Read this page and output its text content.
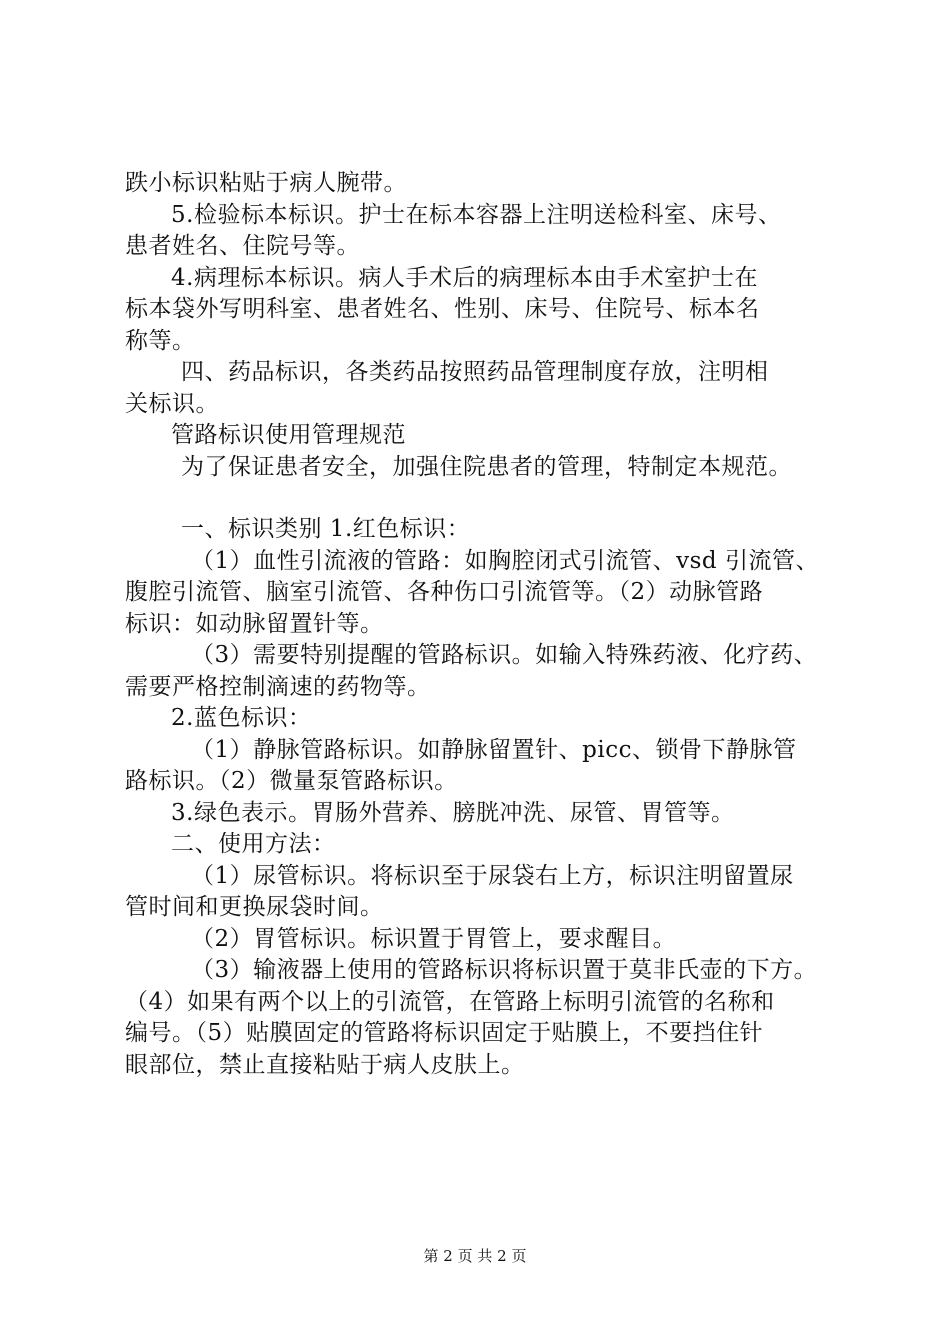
跌小标识粘贴于病人腕带。
5.检验标本标识。护士在标本容器上注明送检科室、床号、
患者姓名、住院号等。
4.病理标本标识。病人手术后的病理标本由手术室护士在
标本袋外写明科室、患者姓名、性别、床号、住院号、标本名
称等。
四、药品标识，各类药品按照药品管理制度存放，注明相
关标识。
管路标识使用管理规范
为了保证患者安全，加强住院患者的管理，特制定本规范。
一、标识类别 1.红色标识：
（1）血性引流液的管路：如胸腔闭式引流管、vsd 引流管、
腹腔引流管、脑室引流管、各种伤口引流管等。（2）动脉管路
标识：如动脉留置针等。
（3）需要特别提醒的管路标识。如输入特殊药液、化疗药、
需要严格控制滴速的药物等。
2.蓝色标识：
（1）静脉管路标识。如静脉留置针、picc、锁骨下静脉管
路标识。（2）微量泵管路标识。
3.绿色表示。胃肠外营养、膀胱冲洗、尿管、胃管等。
二、使用方法：
（1）尿管标识。将标识至于尿袋右上方，标识注明留置尿
管时间和更换尿袋时间。
（2）胃管标识。标识置于胃管上，要求醒目。
（3）输液器上使用的管路标识将标识置于莫非氏壶的下方。
（4）如果有两个以上的引流管，在管路上标明引流管的名称和
编号。（5）贴膜固定的管路将标识固定于贴膜上，不要挡住针
眼部位，禁止直接粘贴于病人皮肤上。
第 2 页 共 2 页
